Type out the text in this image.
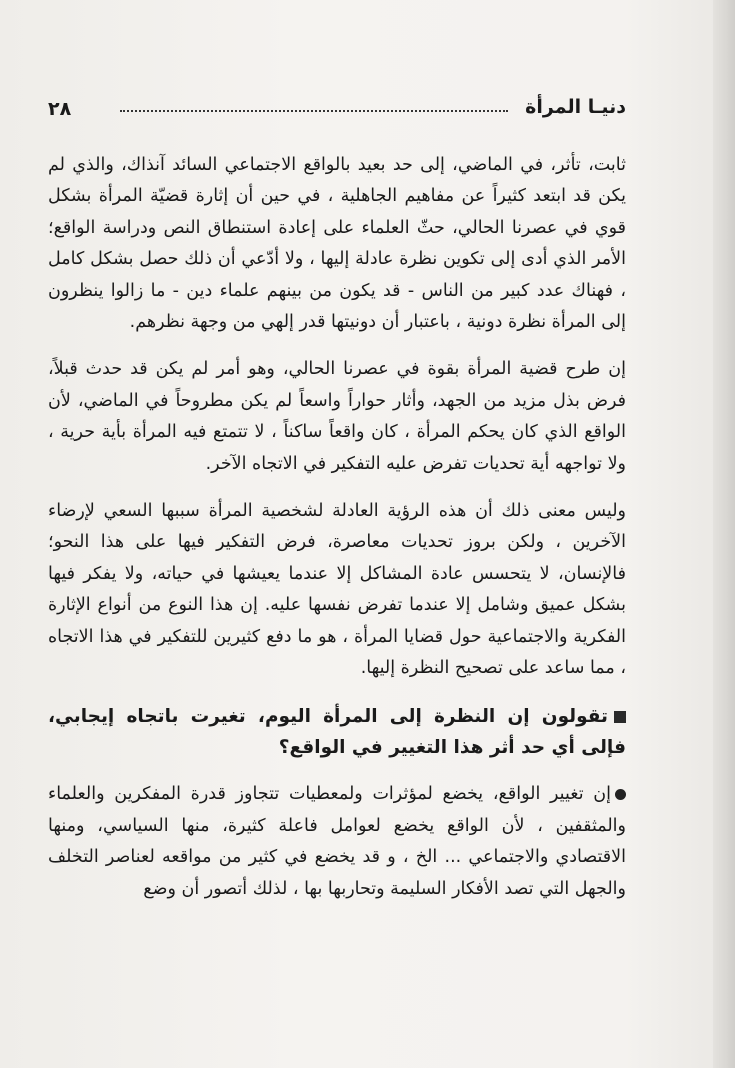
٢٨	دنيـا المرأة

ثابت، تأثر، في الماضي، إلى حد بعيد بالواقع الاجتماعي السائد آنذاك، والذي لم يكن قد ابتعد كثيراً عن مفاهيم الجاهلية ، في حين أن إثارة قضيّة المرأة بشكل قوي في عصرنا الحالي، حثّ العلماء على إعادة استنطاق النص ودراسة الواقع؛ الأمر الذي أدى إلى تكوين نظرة عادلة إليها ، ولا أدّعي أن ذلك حصل بشكل كامل ، فهناك عدد كبير من الناس - قد يكون من بينهم علماء دين - ما زالوا ينظرون إلى المرأة نظرة دونية ، باعتبار أن دونيتها قدر إلهي من وجهة نظرهم.

إن طرح قضية المرأة بقوة في عصرنا الحالي، وهو أمر لم يكن قد حدث قبلاً، فرض بذل مزيد من الجهد، وأثار حواراً واسعاً لم يكن مطروحاً في الماضي، لأن الواقع الذي كان يحكم المرأة ، كان واقعاً ساكناً ، لا تتمتع فيه المرأة بأية حرية ، ولا تواجهه أية تحديات تفرض عليه التفكير في الاتجاه الآخر.

وليس معنى ذلك أن هذه الرؤية العادلة لشخصية المرأة سببها السعي لإرضاء الآخرين ، ولكن بروز تحديات معاصرة، فرض التفكير فيها على هذا النحو؛ فالإنسان، لا يتحسس عادة المشاكل إلا عندما يعيشها في حياته، ولا يفكر فيها بشكل عميق وشامل إلا عندما تفرض نفسها عليه. إن هذا النوع من أنواع الإثارة الفكرية والاجتماعية حول قضايا المرأة ، هو ما دفع كثيرين للتفكير في هذا الاتجاه ، مما ساعد على تصحيح النظرة إليها.

تقولون إن النظرة إلى المرأة اليوم، تغيرت باتجاه إيجابي، فإلى أي حد أثر هذا التغيير في الواقع؟

إن تغيير الواقع، يخضع لمؤثرات ولمعطيات تتجاوز قدرة المفكرين والعلماء والمثقفين ، لأن الواقع يخضع لعوامل فاعلة كثيرة، منها السياسي، ومنها الاقتصادي والاجتماعي ... الخ ، و قد يخضع في كثير من مواقعه لعناصر التخلف والجهل التي تصد الأفكار السليمة وتحاربها بها ، لذلك أتصور أن وضع
